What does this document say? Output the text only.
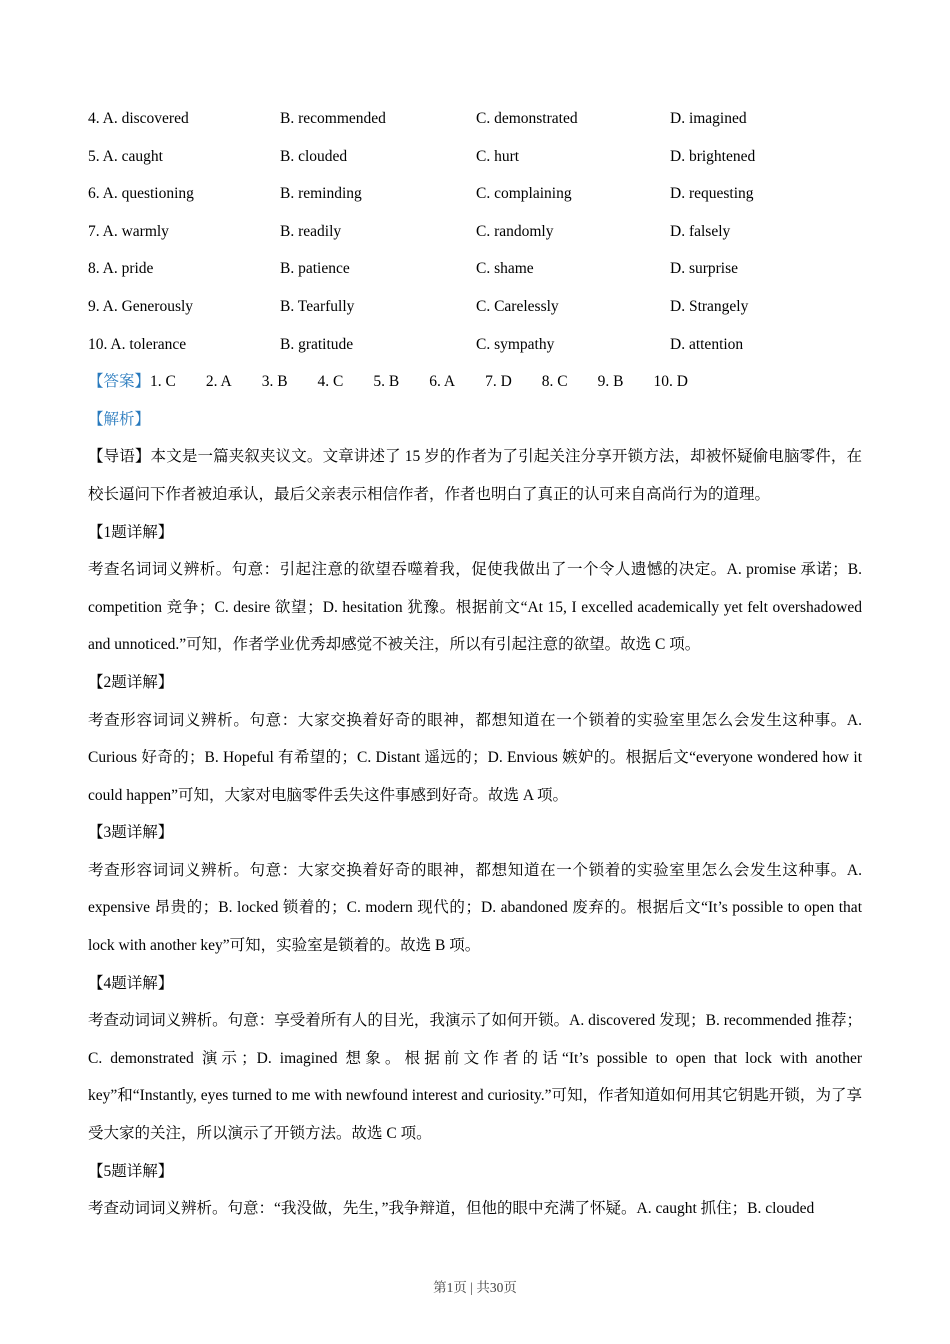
4. A. discovered	B. recommended	C. demonstrated	D. imagined
5. A. caught	B. clouded	C. hurt	D. brightened
6. A. questioning	B. reminding	C. complaining	D. requesting
7. A. warmly	B. readily	C. randomly	D. falsely
8. A. pride	B. patience	C. shame	D. surprise
9. A. Generously	B. Tearfully	C. Carelessly	D. Strangely
10. A. tolerance	B. gratitude	C. sympathy	D. attention
【答案】1. C 2. A 3. B 4. C 5. B 6. A 7. D 8. C 9. B 10. D
【解析】
【导语】本文是一篇夹叙夹议文。文章讲述了 15 岁的作者为了引起关注分享开锁方法，却被怀疑偷电脑零件，在校长逼问下作者被迫承认，最后父亲表示相信作者，作者也明白了真正的认可来自高尚行为的道理。
【1题详解】
考查名词词义辨析。句意：引起注意的欲望吞噬着我，促使我做出了一个令人遗憾的决定。A. promise 承诺；B. competition 竞争；C. desire 欲望；D. hesitation 犹豫。根据前文“At 15, I excelled academically yet felt overshadowed and unnoticed.”可知，作者学业优秀却感觉不被关注，所以有引起注意的欲望。故选 C 项。
【2题详解】
考查形容词词义辨析。句意：大家交换着好奇的眼神，都想知道在一个锁着的实验室里怎么会发生这种事。A. Curious 好奇的；B. Hopeful 有希望的；C. Distant 遥远的；D. Envious 嫉妒的。根据后文“everyone wondered how it could happen”可知，大家对电脑零件丢失这件事感到好奇。故选 A 项。
【3题详解】
考查形容词词义辨析。句意：大家交换着好奇的眼神，都想知道在一个锁着的实验室里怎么会发生这种事。A. expensive 昂贵的；B. locked 锁着的；C. modern 现代的；D. abandoned 废弃的。根据后文“It’s possible to open that lock with another key”可知，实验室是锁着的。故选 B 项。
【4题详解】
考查动词词义辨析。句意：享受着所有人的目光，我演示了如何开锁。A. discovered 发现；B. recommended 推荐；C. demonstrated 演示；D. imagined 想象。根据前文作者的话“It’s possible to open that lock with another key”和“Instantly, eyes turned to me with newfound interest and curiosity.”可知，作者知道如何用其它钥匙开锁，为了享受大家的关注，所以演示了开锁方法。故选 C 项。
【5题详解】
考查动词词义辨析。句意：“我没做，先生，”我争辩道，但他的眼中充满了怀疑。A. caught 抓住；B. clouded
第1页 | 共30页
